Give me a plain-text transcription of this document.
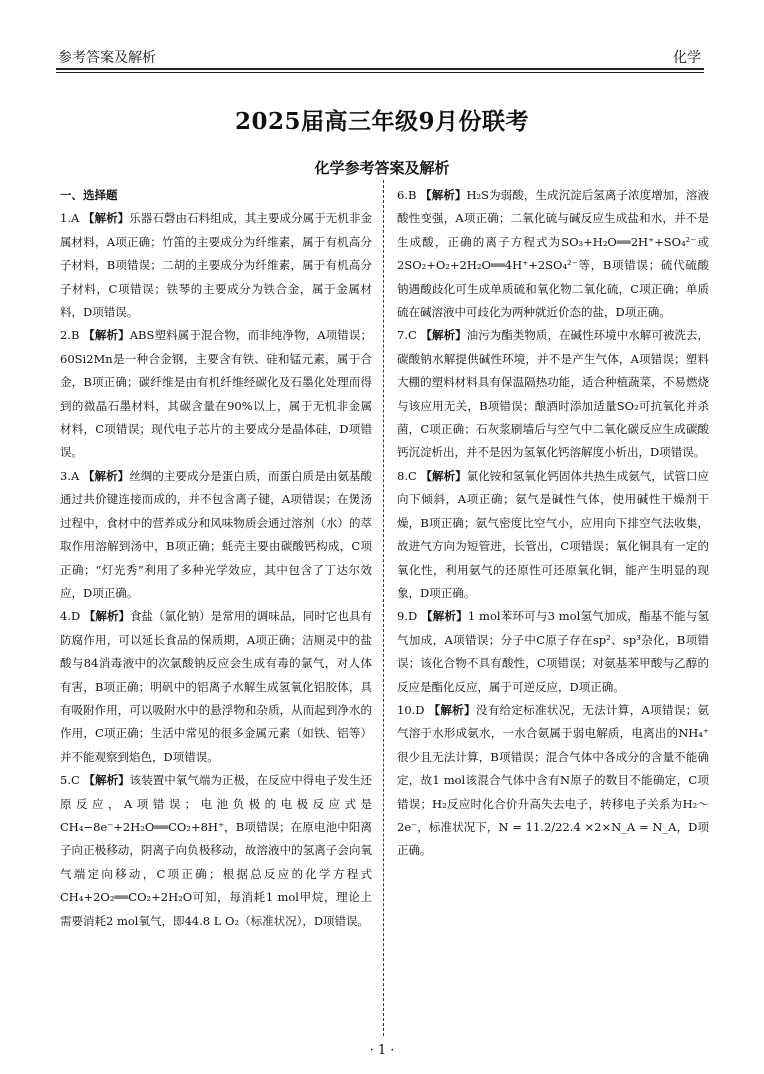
参考答案及解析	化学
2025届高三年级9月份联考
化学参考答案及解析
一、选择题

1.A 【解析】乐器石磬由石料组成，其主要成分属于无机非金属材料，A项正确；竹笛的主要成分为纤维素，属于有机高分子材料，B项错误；二胡的主要成分为纤维素，属于有机高分子材料，C项错误；铁琴的主要成分为铁合金，属于金属材料，D项错误。

2.B 【解析】ABS塑料属于混合物，而非纯净物，A项错误；60Si2Mn是一种合金钢，主要含有铁、硅和锰元素，属于合金，B项正确；碳纤维是由有机纤维经碳化及石墨化处理而得到的微晶石墨材料，其碳含量在90%以上，属于无机非金属材料，C项错误；现代电子芯片的主要成分是晶体硅，D项错误。

3.A 【解析】丝绸的主要成分是蛋白质，而蛋白质是由氨基酸通过共价键连接而成的，并不包含离子键，A项错误；在煲汤过程中，食材中的营养成分和风味物质会通过溶剂（水）的萃取作用溶解到汤中，B项正确；蚝壳主要由碳酸钙构成，C项正确；“灯光秀”利用了多种光学效应，其中包含了丁达尔效应，D项正确。

4.D 【解析】食盐（氯化钠）是常用的调味品，同时它也具有防腐作用，可以延长食品的保质期，A项正确；洁厕灵中的盐酸与84消毒液中的次氯酸钠反应会生成有毒的氯气，对人体有害，B项正确；明矾中的铝离子水解生成氢氧化铝胶体，具有吸附作用，可以吸附水中的悬浮物和杂质，从而起到净水的作用，C项正确；生活中常见的很多金属元素（如铁、铝等）并不能观察到焰色，D项错误。

5.C 【解析】该装置中氧气端为正极，在反应中得电子发生还原反应，A项错误；电池负极的电极反应式是CH₄−8e⁻+2H₂O══CO₂+8H⁺，B项错误；在原电池中阳离子向正极移动，阴离子向负极移动，故溶液中的氢离子会向氧气端定向移动，C项正确；根据总反应的化学方程式CH₄+2O₂══CO₂+2H₂O可知，每消耗1 mol甲烷，理论上需要消耗2 mol氧气，即44.8 L O₂（标准状况），D项错误。

6.B 【解析】H₂S为弱酸，生成沉淀后氢离子浓度增加，溶液酸性变强，A项正确；二氧化硫与碱反应生成盐和水，并不是生成酸，正确的离子方程式为SO₃+H₂O══2H⁺+SO₄²⁻或2SO₂+O₂+2H₂O══4H⁺+2SO₄²⁻等，B项错误；硫代硫酸钠遇酸歧化可生成单质硫和氧化物二氧化硫，C项正确；单质硫在碱溶液中可歧化为两种就近价态的盐，D项正确。

7.C 【解析】油污为酯类物质，在碱性环境中水解可被洗去，碳酸钠水解提供碱性环境，并不是产生气体，A项错误；塑料大棚的塑料材料具有保温隔热功能，适合种植蔬菜，不易燃烧与该应用无关，B项错误；酿酒时添加适量SO₂可抗氧化并杀菌，C项正确；石灰浆刷墙后与空气中二氧化碳反应生成碳酸钙沉淀析出，并不是因为氢氧化钙溶解度小析出，D项错误。

8.C 【解析】氯化铵和氢氧化钙固体共热生成氨气，试管口应向下倾斜，A项正确；氨气是碱性气体，使用碱性干燥剂干燥，B项正确；氨气密度比空气小，应用向下排空气法收集，故进气方向为短管进，长管出，C项错误；氧化铜具有一定的氧化性，利用氨气的还原性可还原氧化铜，能产生明显的现象，D项正确。

9.D 【解析】1 mol苯环可与3 mol氢气加成，酯基不能与氢气加成，A项错误；分子中C原子存在sp²、sp³杂化，B项错误；该化合物不具有酸性，C项错误；对氨基苯甲酸与乙醇的反应是酯化反应，属于可逆反应，D项正确。

10.D 【解析】没有给定标准状况，无法计算，A项错误；氨气溶于水形成氨水，一水合氨属于弱电解质，电离出的NH₄⁺很少且无法计算，B项错误；混合气体中各成分的含量不能确定，故1 mol该混合气体中含有N原子的数目不能确定，C项错误；H₂反应时化合价升高失去电子，转移电子关系为H₂～2e⁻，标准状况下，N = 11.2/22.4 ×2×N_A = N_A，D项正确。

· 1 ·
